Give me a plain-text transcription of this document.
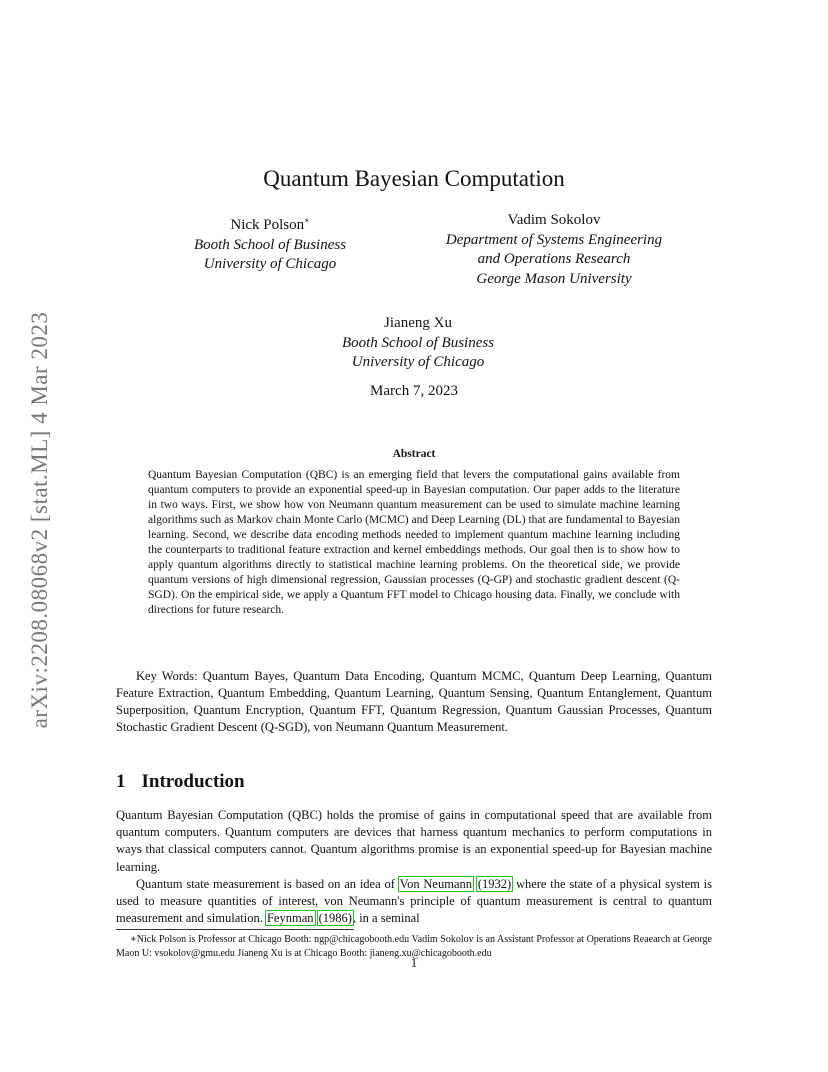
arXiv:2208.08068v2 [stat.ML] 4 Mar 2023
Quantum Bayesian Computation
Nick Polson∗
Booth School of Business
University of Chicago
Vadim Sokolov
Department of Systems Engineering
and Operations Research
George Mason University
Jianeng Xu
Booth School of Business
University of Chicago
March 7, 2023
Abstract

Quantum Bayesian Computation (QBC) is an emerging field that levers the computational gains available from quantum computers to provide an exponential speed-up in Bayesian computation. Our paper adds to the literature in two ways. First, we show how von Neumann quantum measurement can be used to simulate machine learning algorithms such as Markov chain Monte Carlo (MCMC) and Deep Learning (DL) that are fundamental to Bayesian learning. Second, we describe data encoding methods needed to implement quantum machine learning including the counterparts to traditional feature extraction and kernel embeddings methods. Our goal then is to show how to apply quantum algorithms directly to statistical machine learning problems. On the theoretical side, we provide quantum versions of high dimensional regression, Gaussian processes (Q-GP) and stochastic gradient descent (Q-SGD). On the empirical side, we apply a Quantum FFT model to Chicago housing data. Finally, we conclude with directions for future research.

Key Words: Quantum Bayes, Quantum Data Encoding, Quantum MCMC, Quantum Deep Learning, Quantum Feature Extraction, Quantum Embedding, Quantum Learning, Quantum Sensing, Quantum Entanglement, Quantum Superposition, Quantum Encryption, Quantum FFT, Quantum Regression, Quantum Gaussian Processes, Quantum Stochastic Gradient Descent (Q-SGD), von Neumann Quantum Measurement.

1 Introduction

Quantum Bayesian Computation (QBC) holds the promise of gains in computational speed that are available from quantum computers. Quantum computers are devices that harness quantum mechanics to perform computations in ways that classical computers cannot. Quantum algorithms promise is an exponential speed-up for Bayesian machine learning.

Quantum state measurement is based on an idea of Von Neumann (1932) where the state of a physical system is used to measure quantities of interest, von Neumann's principle of quantum measurement is central to quantum measurement and simulation. Feynman (1986), in a seminal

∗Nick Polson is Professor at Chicago Booth: ngp@chicagobooth.edu Vadim Sokolov is an Assistant Professor at Operations Reaearch at George Maon U: vsokolov@gmu.edu Jianeng Xu is at Chicago Booth: jianeng.xu@chicagobooth.edu

1
